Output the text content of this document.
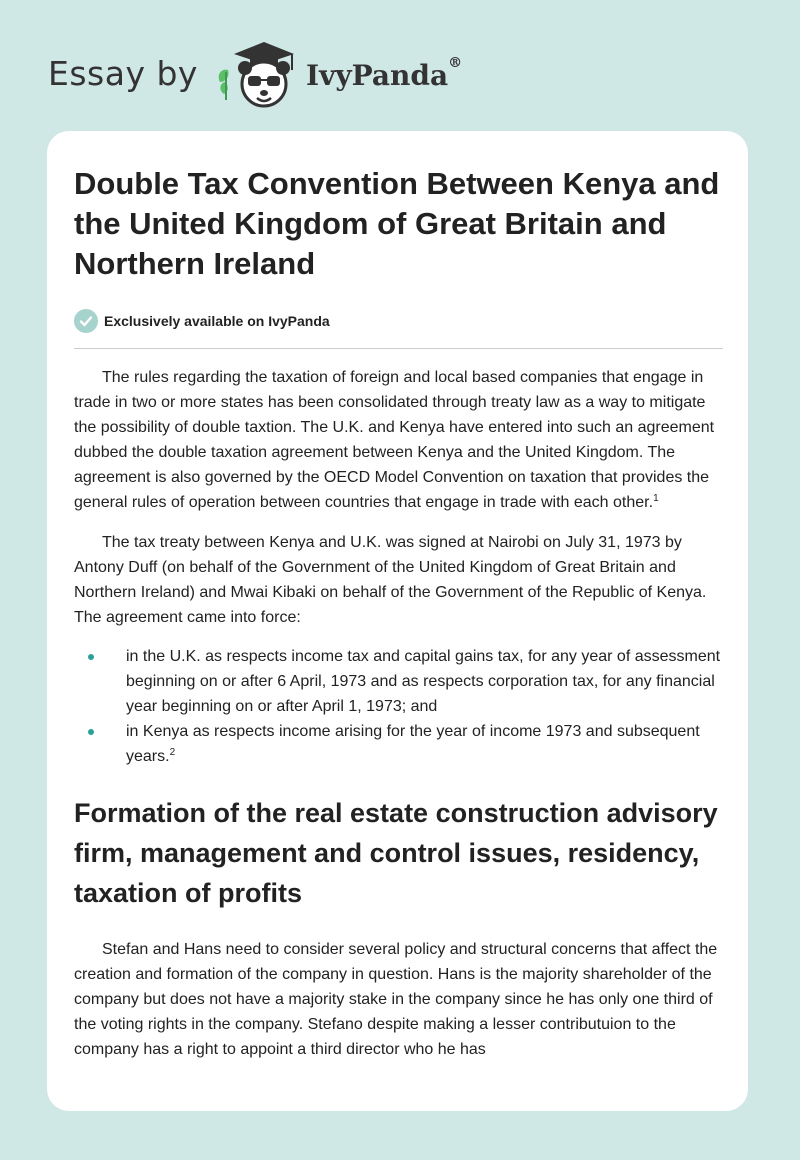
Essay by	IvyPanda®
Double Tax Convention Between Kenya and the United Kingdom of Great Britain and Northern Ireland
Exclusively available on IvyPanda

The rules regarding the taxation of foreign and local based companies that engage in trade in two or more states has been consolidated through treaty law as a way to mitigate the possibility of double taxtion. The U.K. and Kenya have entered into such an agreement dubbed the double taxation agreement between Kenya and the United Kingdom. The agreement is also governed by the OECD Model Convention on taxation that provides the general rules of operation between countries that engage in trade with each other.$^1$

The tax treaty between Kenya and U.K. was signed at Nairobi on July 31, 1973 by Antony Duff (on behalf of the Government of the United Kingdom of Great Britain and Northern Ireland) and Mwai Kibaki on behalf of the Government of the Republic of Kenya. The agreement came into force:

in the U.K. as respects income tax and capital gains tax, for any year of assessment beginning on or after 6 April, 1973 and as respects corporation tax, for any financial year beginning on or after April 1, 1973; and
in Kenya as respects income arising for the year of income 1973 and subsequent years.$^2$
Formation of the real estate construction advisory firm, management and control issues, residency, taxation of profits

Stefan and Hans need to consider several policy and structural concerns that affect the creation and formation of the company in question. Hans is the majority shareholder of the company but does not have a majority stake in the company since he has only one third of the voting rights in the company. Stefano despite making a lesser contributuion to the company has a right to appoint a third director who he has
